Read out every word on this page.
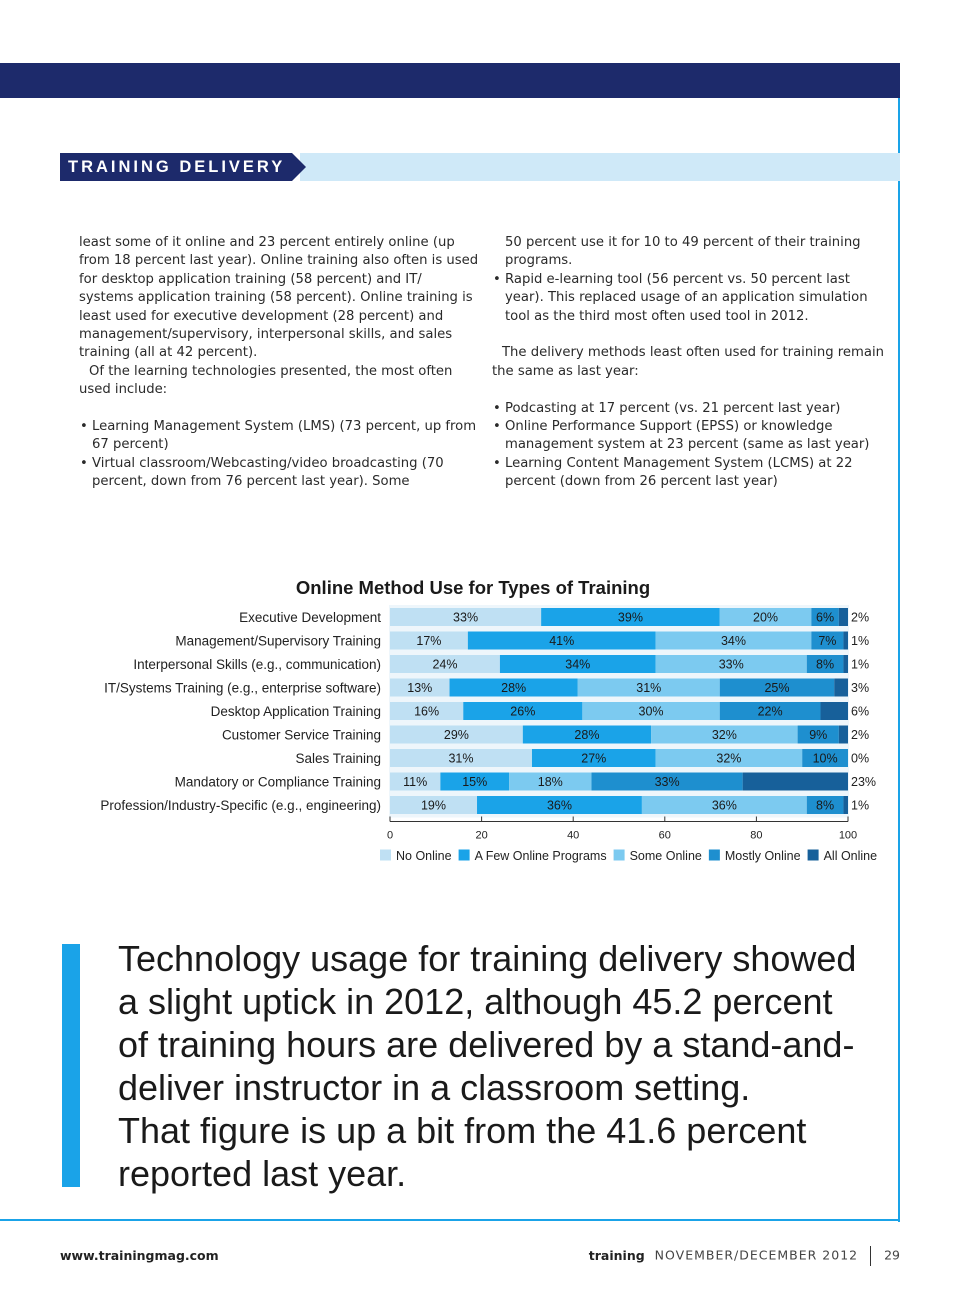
TRAINING DELIVERY

least some of it online and 23 percent entirely online (up from 18 percent last year). Online training also often is used for desktop application training (58 percent) and IT/ systems application training (58 percent). Online training is least used for executive development (28 percent) and management/supervisory, interpersonal skills, and sales training (all at 42 percent).

Of the learning technologies presented, the most often used include:

• Learning Management System (LMS) (73 percent, up from 67 percent)
• Virtual classroom/Webcasting/video broadcasting (70 percent, down from 76 percent last year). Some

50 percent use it for 10 to 49 percent of their training programs.

• Rapid e-learning tool (56 percent vs. 50 percent last year). This replaced usage of an application simulation tool as the third most often used tool in 2012.

The delivery methods least often used for training remain the same as last year:

• Podcasting at 17 percent (vs. 21 percent last year)
• Online Performance Support (EPSS) or knowledge management system at 23 percent (same as last year)
• Learning Content Management System (LCMS) at 22 percent (down from 26 percent last year)
Online Method Use for Types of Training
Executive Development	33%	39%	20%	6% 2%
Management/Supervisory Training	17%	41%	34%	7% 1%
Interpersonal Skills (e.g., communication)	24%	34%	33%	8% 1%
IT/Systems Training (e.g., enterprise software) 13%	28%	31%	25%	3%
Desktop Application Training	16%	26%	30%	22%	6%
Customer Service Training	29%	28%	32%	9% 2%
Sales Training	31%	27%	32%	10% 0%
Mandatory or Compliance Training 11%	15%	18%	33%	23%
Profession/Industry-Specific (e.g., engineering)	19%	36%	36%	8% 1%
0	20	40	60	80	100
No Online A Few Online Programs Some Online Mostly Online All Online
Technology usage for training delivery showed
a slight uptick in 2012, although 45.2 percent
of training hours are delivered by a stand-and-
deliver instructor in a classroom setting.
That figure is up a bit from the 41.6 percent
reported last year.
www.trainingmag.com	training NOVEMBER/DECEMBER 2012 29
